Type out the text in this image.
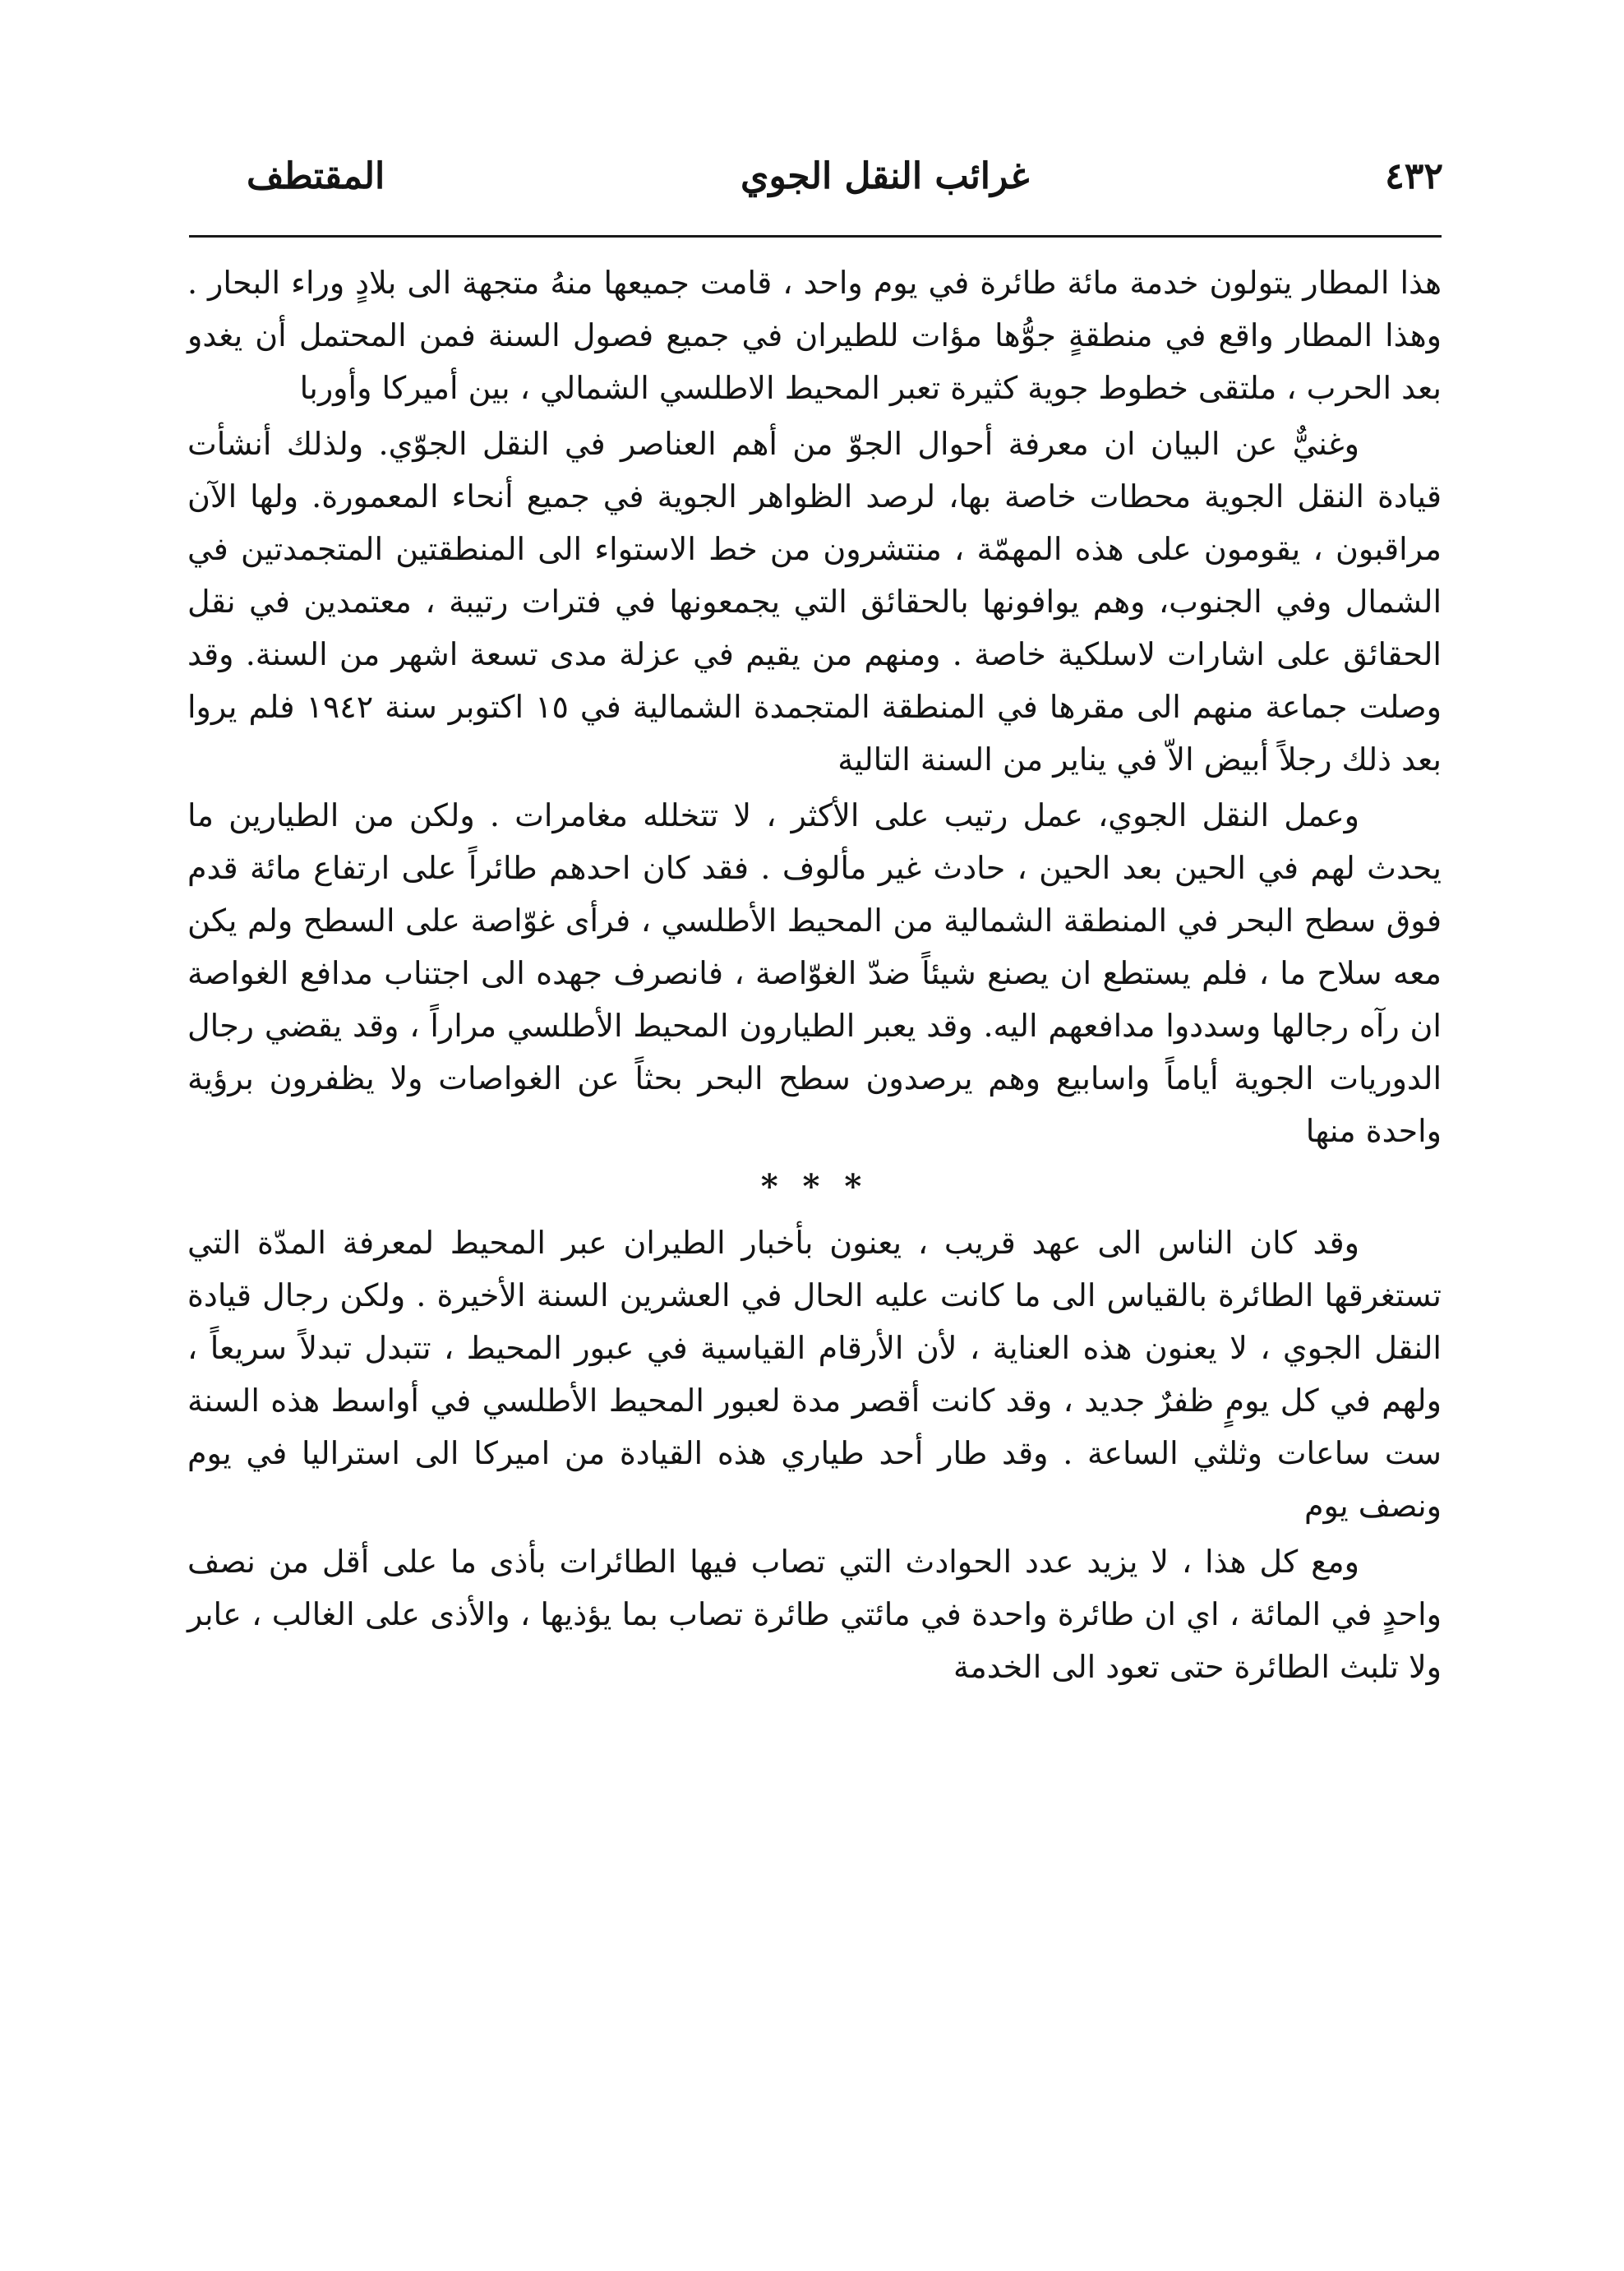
٤٣٢
غرائب النقل الجوي
المقتطف

هذا المطار يتولون خدمة مائة طائرة في يوم واحد ، قامت جميعها منهُ متجهة الى بلادٍ وراء البحار . وهذا المطار واقع في منطقةٍ جوُّها مؤات للطيران في جميع فصول السنة فمن المحتمل أن يغدو بعد الحرب ، ملتقى خطوط جوية كثيرة تعبر المحيط الاطلسي الشمالي ، بين أميركا وأوربا

وغنيٌّ عن البيان ان معرفة أحوال الجوّ من أهم العناصر في النقل الجوّي. ولذلك أنشأت قيادة النقل الجوية محطات خاصة بها، لرصد الظواهر الجوية في جميع أنحاء المعمورة. ولها الآن مراقبون ، يقومون على هذه المهمّة ، منتشرون من خط الاستواء الى المنطقتين المتجمدتين في الشمال وفي الجنوب، وهم يوافونها بالحقائق التي يجمعونها في فترات رتيبة ، معتمدين في نقل الحقائق على اشارات لاسلكية خاصة . ومنهم من يقيم في عزلة مدى تسعة اشهر من السنة. وقد وصلت جماعة منهم الى مقرها في المنطقة المتجمدة الشمالية في ١٥ اكتوبر سنة ١٩٤٢ فلم يروا بعد ذلك رجلاً أبيض الاّ في يناير من السنة التالية

وعمل النقل الجوي، عمل رتيب على الأكثر ، لا تتخلله مغامرات . ولكن من الطيارين ما يحدث لهم في الحين بعد الحين ، حادث غير مألوف . فقد كان احدهم طائراً على ارتفاع مائة قدم فوق سطح البحر في المنطقة الشمالية من المحيط الأطلسي ، فرأى غوّاصة على السطح ولم يكن معه سلاح ما ، فلم يستطع ان يصنع شيئاً ضدّ الغوّاصة ، فانصرف جهده الى اجتناب مدافع الغواصة ان رآه رجالها وسددوا مدافعهم اليه. وقد يعبر الطيارون المحيط الأطلسي مراراً ، وقد يقضي رجال الدوريات الجوية أياماً واسابيع وهم يرصدون سطح البحر بحثاً عن الغواصات ولا يظفرون برؤية واحدة منها

* * *

وقد كان الناس الى عهد قريب ، يعنون بأخبار الطيران عبر المحيط لمعرفة المدّة التي تستغرقها الطائرة بالقياس الى ما كانت عليه الحال في العشرين السنة الأخيرة . ولكن رجال قيادة النقل الجوي ، لا يعنون هذه العناية ، لأن الأرقام القياسية في عبور المحيط ، تتبدل تبدلاً سريعاً ، ولهم في كل يومٍ ظفرٌ جديد ، وقد كانت أقصر مدة لعبور المحيط الأطلسي في أواسط هذه السنة ست ساعات وثلثي الساعة . وقد طار أحد طياري هذه القيادة من اميركا الى استراليا في يوم ونصف يوم

ومع كل هذا ، لا يزيد عدد الحوادث التي تصاب فيها الطائرات بأذى ما على أقل من نصف واحدٍ في المائة ، اي ان طائرة واحدة في مائتي طائرة تصاب بما يؤذيها ، والأذى على الغالب ، عابر ولا تلبث الطائرة حتى تعود الى الخدمة
